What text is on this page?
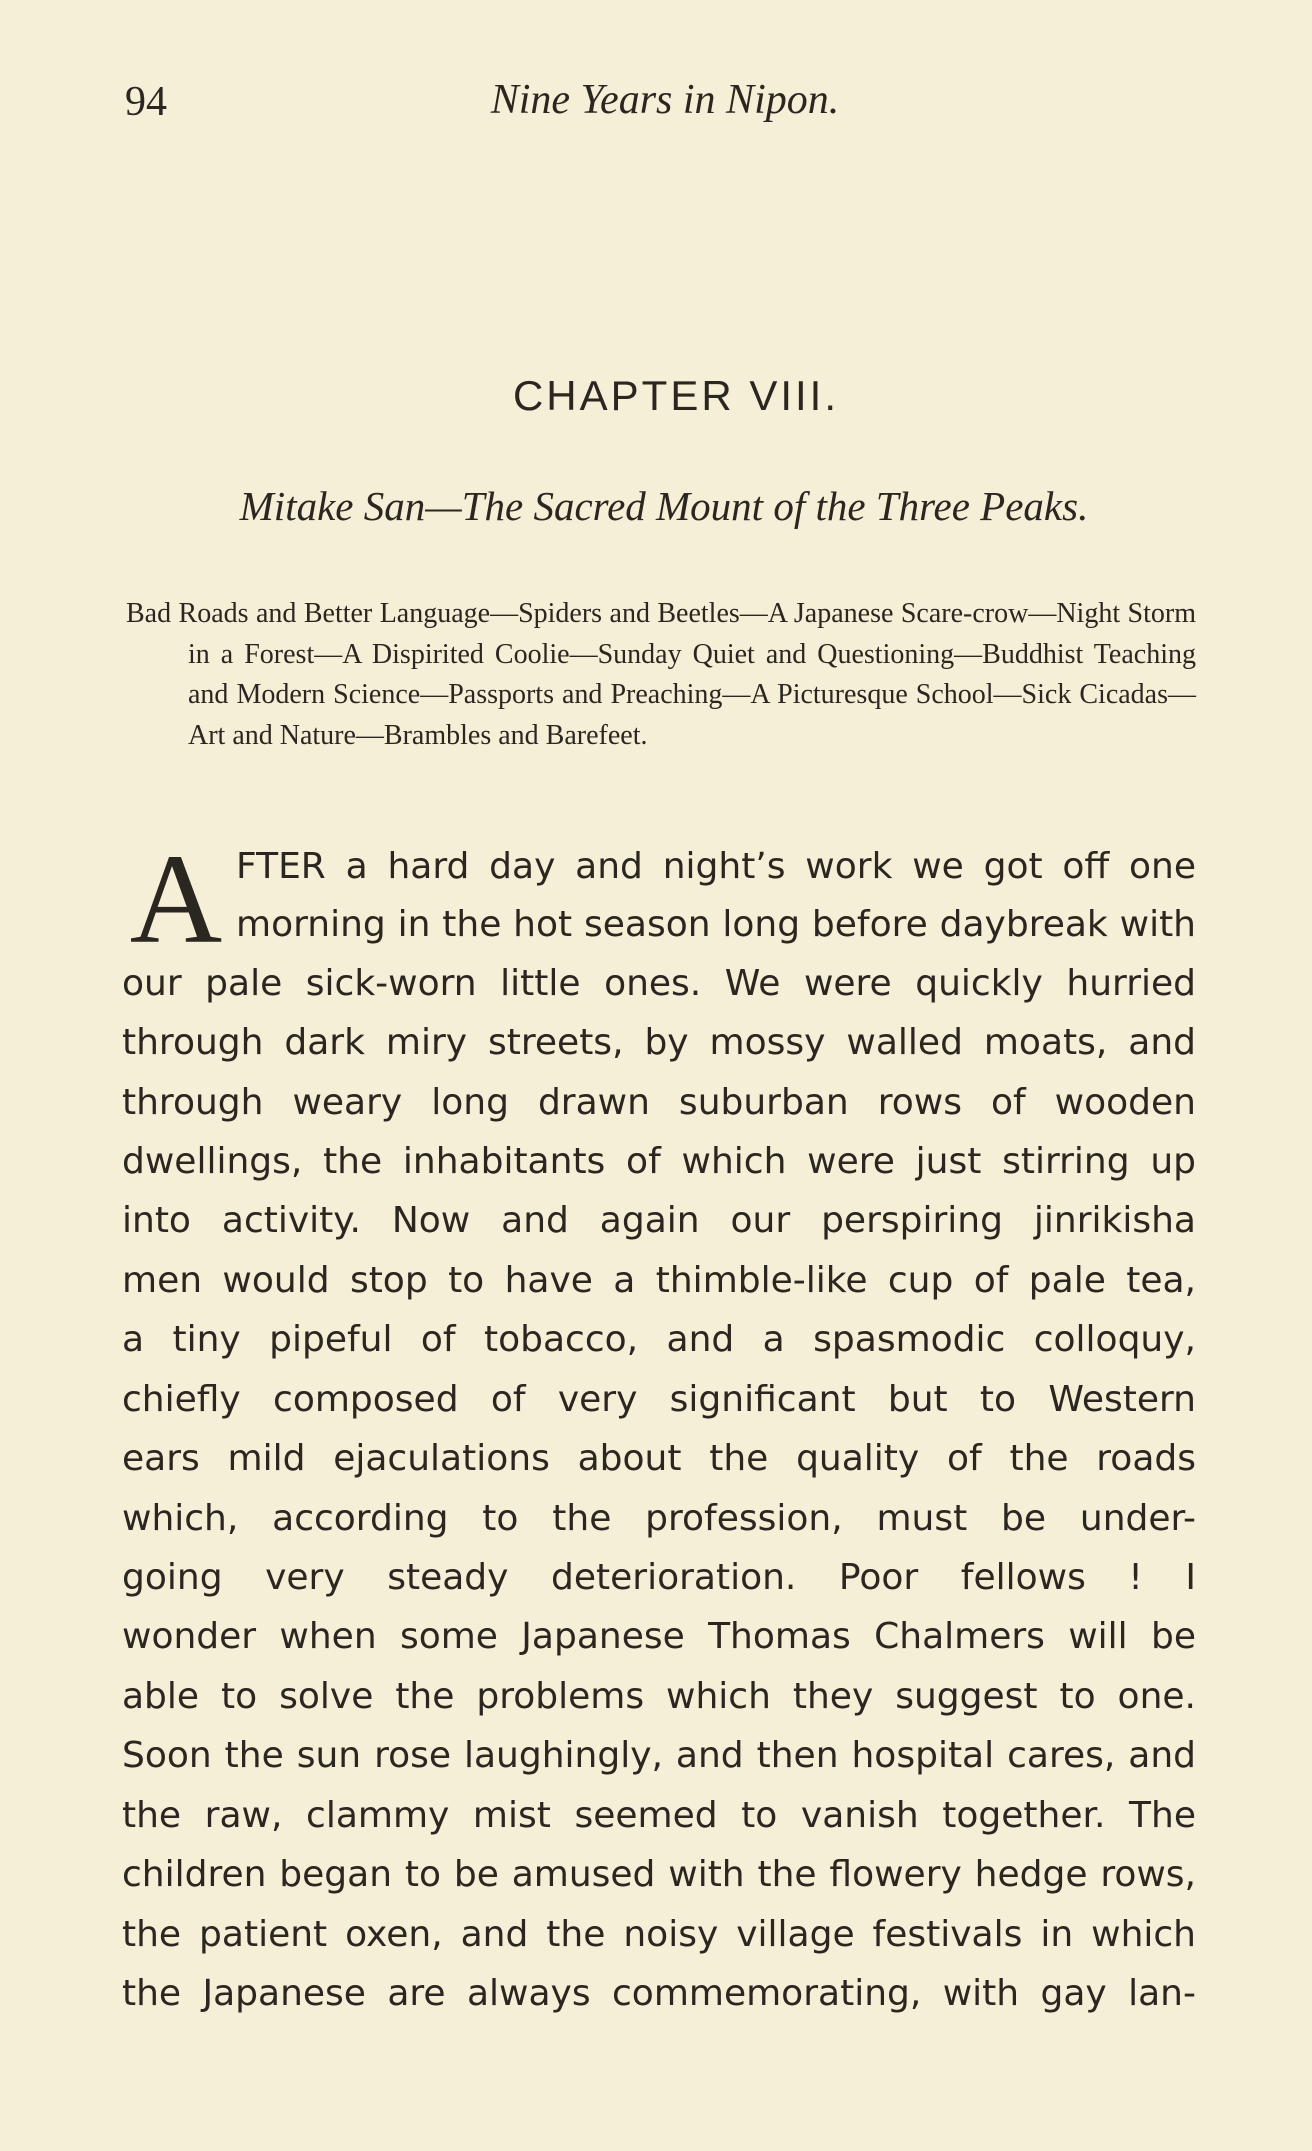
94	Nine Years in Nipon.
CHAPTER VIII.
Mitake San—The Sacred Mount of the Three Peaks.
Bad Roads and Better Language—Spiders and Beetles—A Japanese Scare-crow—Night Storm in a Forest—A Dispirited Coolie—Sunday Quiet and Questioning—Buddhist Teaching and Modern Science—Passports and Preaching—A Picturesque School—Sick Cicadas—Art and Nature—Brambles and Barefeet.
A FTER a hard day and night’s work we got off one
morning in the hot season long before daybreak with
our pale sick-worn little ones. We were quickly hurried
through dark miry streets, by mossy walled moats, and
through weary long drawn suburban rows of wooden
dwellings, the inhabitants of which were just stirring up
into activity. Now and again our perspiring jinrikisha
men would stop to have a thimble-like cup of pale tea,
a tiny pipeful of tobacco, and a spasmodic colloquy,
chiefly composed of very significant but to Western
ears mild ejaculations about the quality of the roads
which, according to the profession, must be under-
going very steady deterioration. Poor fellows ! I
wonder when some Japanese Thomas Chalmers will be
able to solve the problems which they suggest to one.
Soon the sun rose laughingly, and then hospital cares, and
the raw, clammy mist seemed to vanish together. The
children began to be amused with the flowery hedge rows,
the patient oxen, and the noisy village festivals in which
the Japanese are always commemorating, with gay lan-
